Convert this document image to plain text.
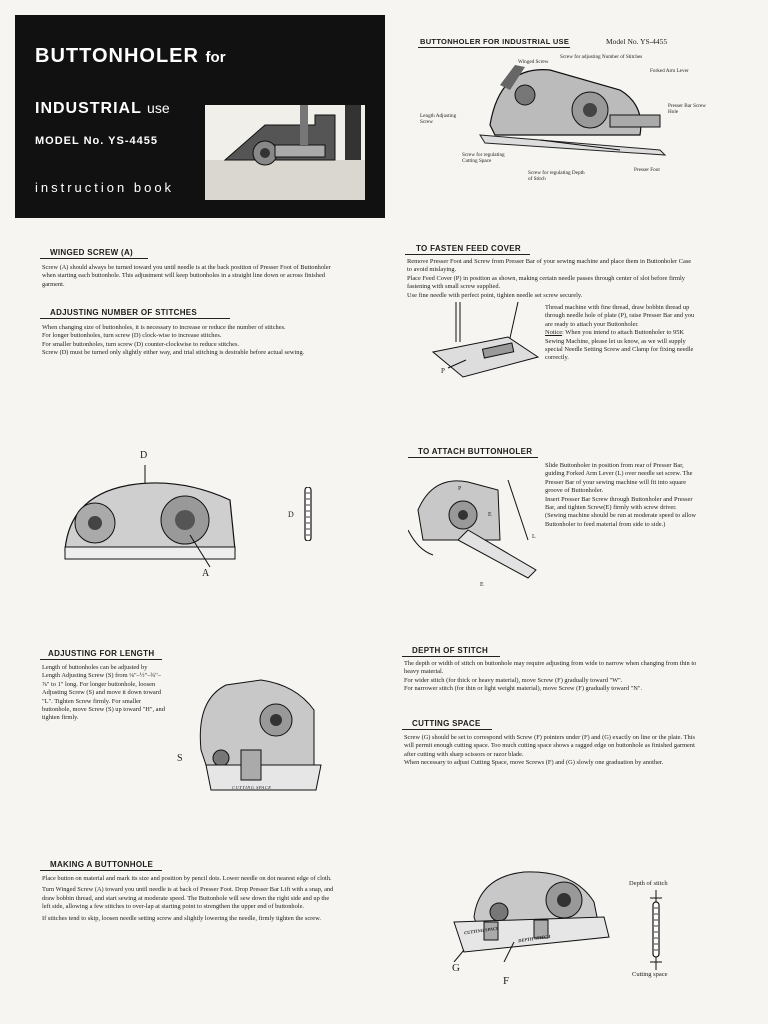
BUTTONHOLER for
INDUSTRIAL use
MODEL No. YS-4455
instruction book
BUTTONHOLER FOR INDUSTRIAL USE	Model No. YS-4455
Winged Screw
Screw for adjusting Number of Stitches
Forked Arm Lever
Length Adjusting Screw
Presser Bar Screw Hole
Screw for regulating Cutting Space
Screw for regulating Depth of Stitch
Presser Foot
WINGED SCREW (A)
Screw (A) should always be turned toward you until needle is at the back position of Presser Foot of Buttonholer when starting each buttonhole. This adjustment will keep buttonholes in a straight line down or across finished garment.
ADJUSTING NUMBER OF STITCHES
When changing size of buttonholes, it is necessary to increase or reduce the number of stitches.
For longer buttonholes, turn screw (D) clock-wise to increase stitches.
For smaller buttonholes, turn screw (D) counter-clockwise to reduce stitches.
Screw (D) must be turned only slightly either way, and trial stitching is desirable before actual sewing.
D
A
D
TO FASTEN FEED COVER
Remove Presser Foot and Screw from Presser Bar of your sewing machine and place them in Buttonholer Case to avoid mislaying.
Place Feed Cover (P) in position as shown, making certain needle passes through center of slot before firmly fastening with small screw supplied.
Use fine needle with perfect point, tighten needle set screw securely.
Thread machine with fine thread, draw bobbin thread up through needle hole of plate (P), raise Presser Bar and you are ready to attach your Buttonholer.
Notice: When you intend to attach Buttonholer to 95K Sewing Machine, please let us know, as we will supply special Needle Setting Screw and Clamp for fixing needle correctly.
P
TO ATTACH BUTTONHOLER
Slide Buttonholer in position from rear of Presser Bar, guiding Forked Arm Lever (L) over needle set screw. The Presser Bar of your sewing machine will fit into square groove of Buttonholer.
Insert Presser Bar Screw through Buttonholer and Presser Bar, and tighten Screw(E) firmly with screw driver.
(Sewing machine should be run at moderate speed to allow Buttonholer to feed material from side to side.)
P
E
L
E
ADJUSTING FOR LENGTH
Length of buttonholes can be adjusted by Length Adjusting Screw (S) from ⅛"–½"–¾"–⅞" to 1" long. For longer buttonhole, loosen Adjusting Screw (S) and move it down toward "L". Tighten Screw firmly. For smaller buttonhole, move Screw (S) up toward "H", and tighten firmly.
S
CUTTING SPACE
DEPTH OF STITCH
The depth or width of stitch on buttonhole may require adjusting from wide to narrow when changing from thin to heavy material.
For wider stitch (for thick or heavy material), move Screw (F) gradually toward "W".
For narrower stitch (for thin or light weight material), move Screw (F) gradually toward "N".
CUTTING SPACE
Screw (G) should be set to correspond with Screw (F) pointers under (F) and (G) exactly on line or the plate. This will permit enough cutting space. Too much cutting space shows a ragged edge on buttonhole as finished garment after cutting with sharp scissors or razor blade.
When necessary to adjust Cutting Space, move Screws (F) and (G) slowly one graduation by another.
MAKING A BUTTONHOLE
Place button on material and mark its size and position by pencil dots. Lower needle on dot nearest edge of cloth.
Turn Winged Screw (A) toward you until needle is at back of Presser Foot. Drop Presser Bar Lift with a snap, and draw bobbin thread, and start sewing at moderate speed. The Buttonhole will sew down the right side and up the left side, allowing a few stitches to over-lap at starting point to strengthen the upper end of buttonhole.
If stitches tend to skip, loosen needle setting screw and slightly lowering the needle, firmly tighten the screw.
CUTTING SPACE
DEPTH STITCH
G
F
Depth of stitch
Cutting space
